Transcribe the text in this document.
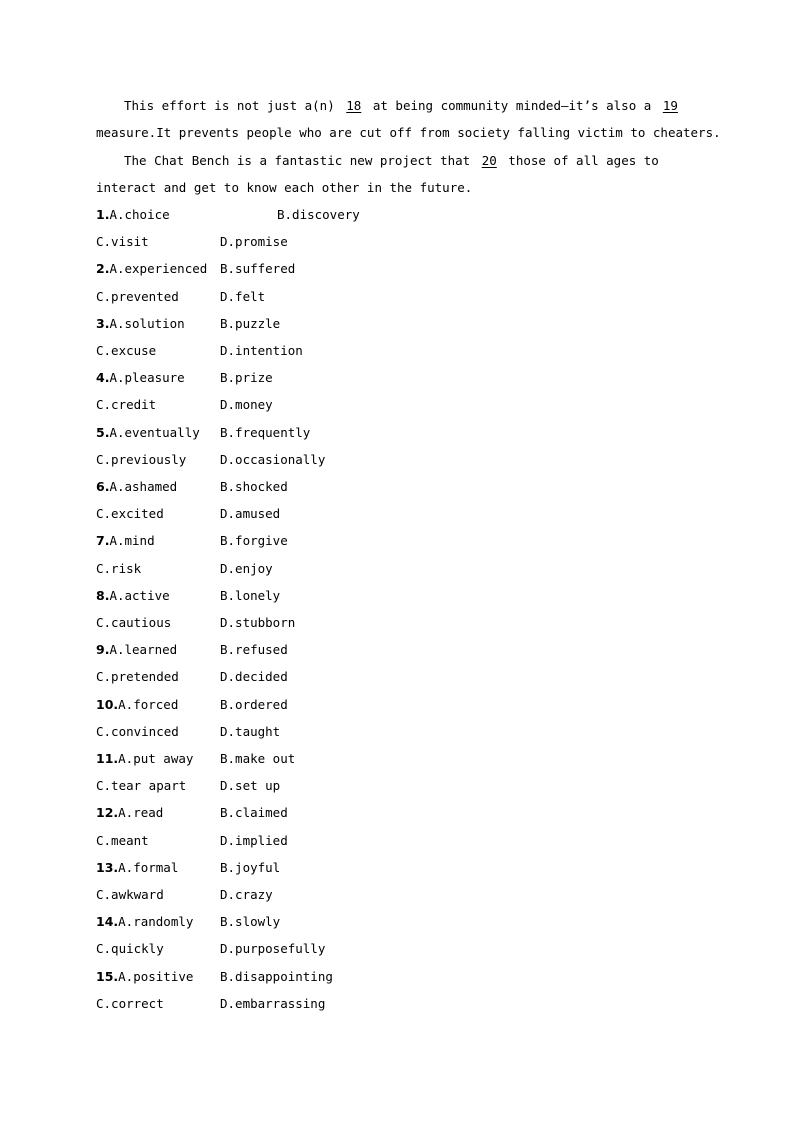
This effort is not just a(n) 18 at being community minded—it’s also a 19
measure.It prevents people who are cut off from society falling victim to cheaters.
The Chat Bench is a fantastic new project that 20 those of all ages to
interact and get to know each other in the future.
1.A.choice	B.discovery
C.visit	D.promise
2.A.experienced B.suffered
C.prevented	D.felt
3.A.solution	B.puzzle
C.excuse	D.intention
4.A.pleasure	B.prize
C.credit	D.money
5.A.eventually B.frequently
C.previously	D.occasionally
6.A.ashamed	B.shocked
C.excited	D.amused
7.A.mind	B.forgive
C.risk	D.enjoy
8.A.active	B.lonely
C.cautious	D.stubborn
9.A.learned	B.refused
C.pretended	D.decided
10.A.forced	B.ordered
C.convinced	D.taught
11.A.put away B.make out
C.tear apart	D.set up
12.A.read	B.claimed
C.meant	D.implied
13.A.formal	B.joyful
C.awkward	D.crazy
14.A.randomly B.slowly
C.quickly	D.purposefully
15.A.positive B.disappointing
C.correct	D.embarrassing
